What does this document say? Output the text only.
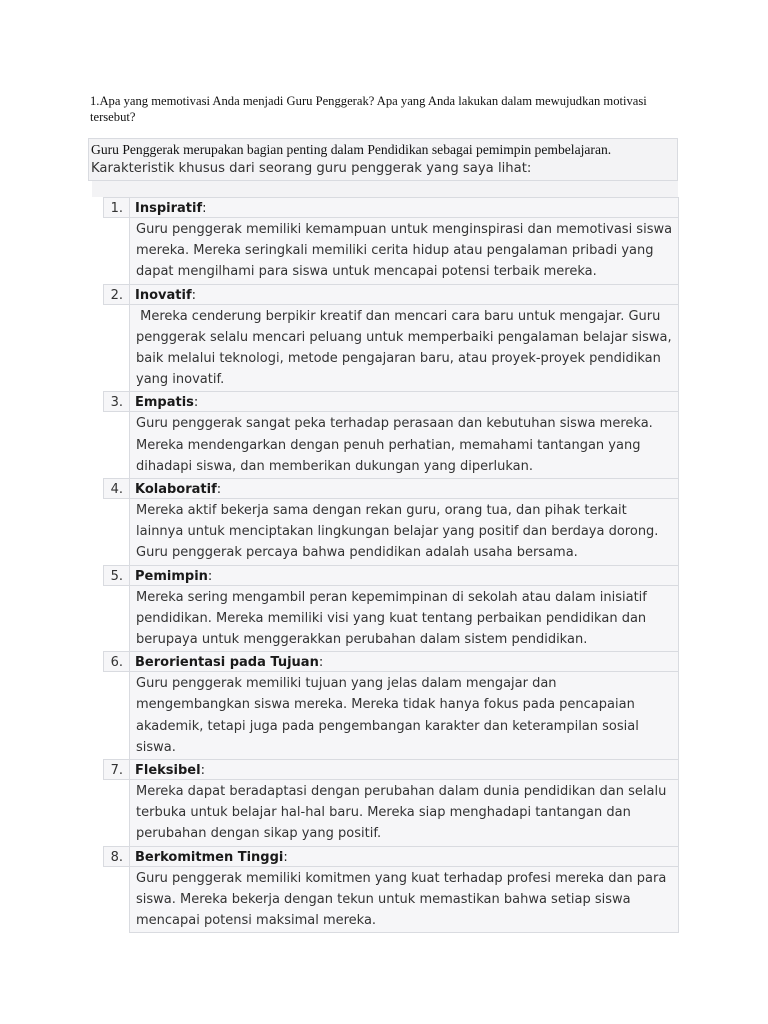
1.Apa yang memotivasi Anda menjadi Guru Penggerak? Apa yang Anda lakukan dalam mewujudkan motivasi tersebut?
Guru Penggerak merupakan bagian penting dalam Pendidikan sebagai pemimpin pembelajaran.
Karakteristik khusus dari seorang guru penggerak yang saya lihat:
1. Inspiratif:
Guru penggerak memiliki kemampuan untuk menginspirasi dan memotivasi siswa
mereka. Mereka seringkali memiliki cerita hidup atau pengalaman pribadi yang
dapat mengilhami para siswa untuk mencapai potensi terbaik mereka.
2. Inovatif:
Mereka cenderung berpikir kreatif dan mencari cara baru untuk mengajar. Guru
penggerak selalu mencari peluang untuk memperbaiki pengalaman belajar siswa,
baik melalui teknologi, metode pengajaran baru, atau proyek-proyek pendidikan
yang inovatif.
3. Empatis:
Guru penggerak sangat peka terhadap perasaan dan kebutuhan siswa mereka.
Mereka mendengarkan dengan penuh perhatian, memahami tantangan yang
dihadapi siswa, dan memberikan dukungan yang diperlukan.
4. Kolaboratif:
Mereka aktif bekerja sama dengan rekan guru, orang tua, dan pihak terkait
lainnya untuk menciptakan lingkungan belajar yang positif dan berdaya dorong.
Guru penggerak percaya bahwa pendidikan adalah usaha bersama.
5. Pemimpin:
Mereka sering mengambil peran kepemimpinan di sekolah atau dalam inisiatif
pendidikan. Mereka memiliki visi yang kuat tentang perbaikan pendidikan dan
berupaya untuk menggerakkan perubahan dalam sistem pendidikan.
6. Berorientasi pada Tujuan:
Guru penggerak memiliki tujuan yang jelas dalam mengajar dan
mengembangkan siswa mereka. Mereka tidak hanya fokus pada pencapaian
akademik, tetapi juga pada pengembangan karakter dan keterampilan sosial
siswa.
7. Fleksibel:
Mereka dapat beradaptasi dengan perubahan dalam dunia pendidikan dan selalu
terbuka untuk belajar hal-hal baru. Mereka siap menghadapi tantangan dan
perubahan dengan sikap yang positif.
8. Berkomitmen Tinggi:
Guru penggerak memiliki komitmen yang kuat terhadap profesi mereka dan para
siswa. Mereka bekerja dengan tekun untuk memastikan bahwa setiap siswa
mencapai potensi maksimal mereka.
